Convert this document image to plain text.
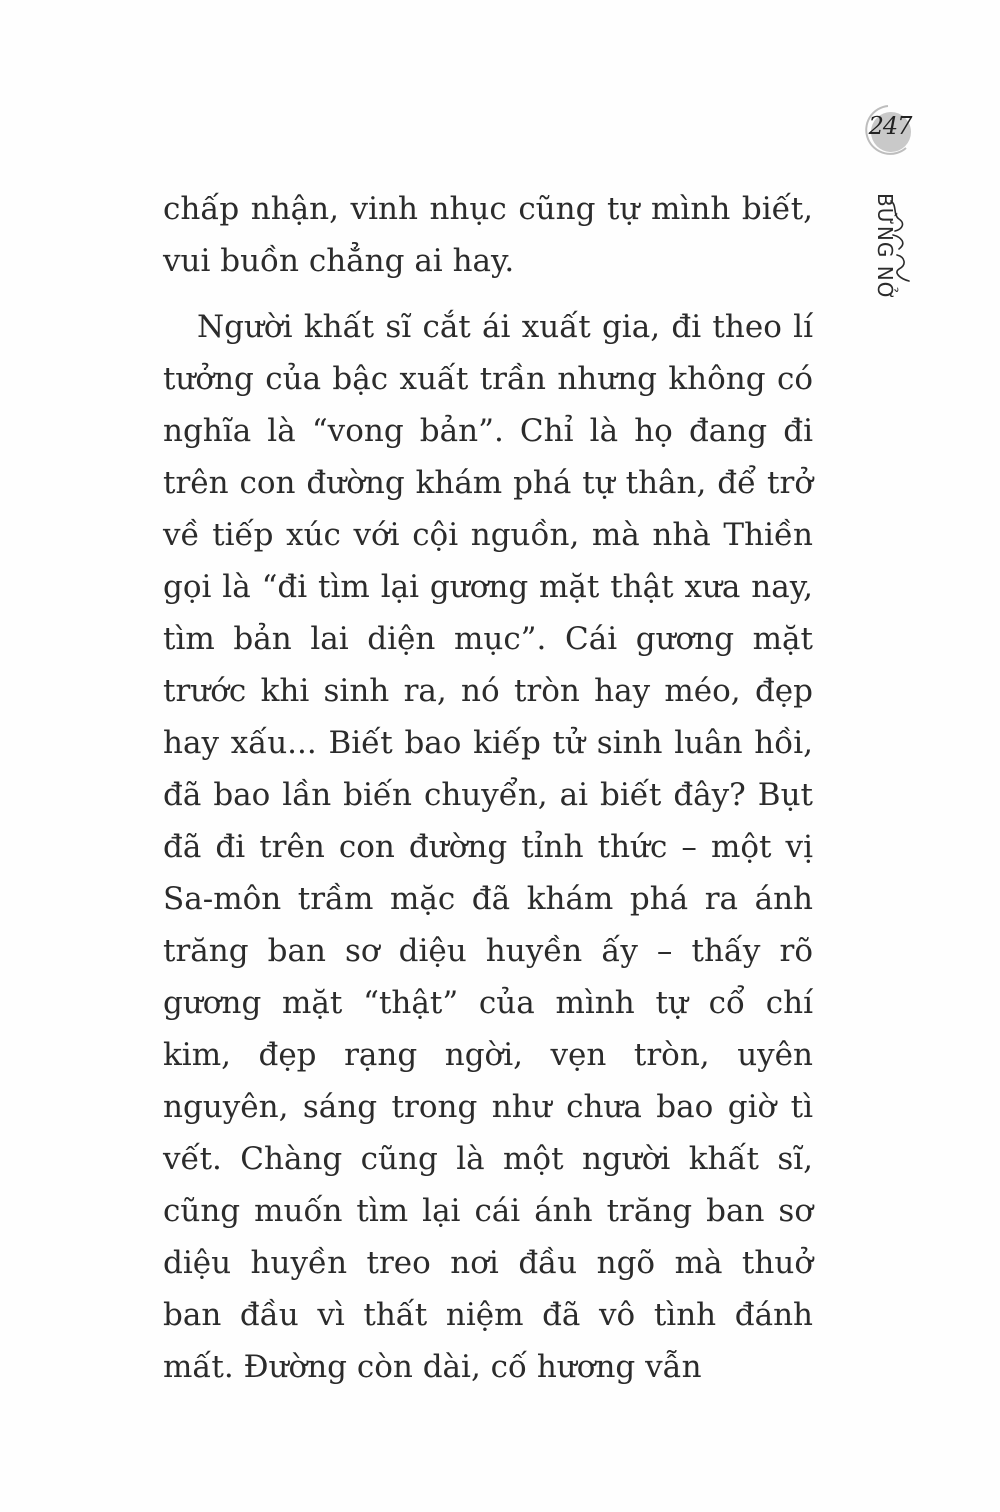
247
BỪNG NỞ

chấp nhận, vinh nhục cũng tự mình biết, vui buồn chẳng ai hay.

Người khất sĩ cắt ái xuất gia, đi theo lí tưởng của bậc xuất trần nhưng không có nghĩa là “vong bản”. Chỉ là họ đang đi trên con đường khám phá tự thân, để trở về tiếp xúc với cội nguồn, mà nhà Thiền gọi là “đi tìm lại gương mặt thật xưa nay, tìm bản lai diện mục”. Cái gương mặt trước khi sinh ra, nó tròn hay méo, đẹp hay xấu... Biết bao kiếp tử sinh luân hồi, đã bao lần biến chuyển, ai biết đây? Bụt đã đi trên con đường tỉnh thức – một vị Sa-môn trầm mặc đã khám phá ra ánh trăng ban sơ diệu huyền ấy – thấy rõ gương mặt “thật” của mình tự cổ chí kim, đẹp rạng ngời, vẹn tròn, uyên nguyên, sáng trong như chưa bao giờ tì vết. Chàng cũng là một người khất sĩ, cũng muốn tìm lại cái ánh trăng ban sơ diệu huyền treo nơi đầu ngõ mà thuở ban đầu vì thất niệm đã vô tình đánh mất. Đường còn dài, cố hương vẫn
